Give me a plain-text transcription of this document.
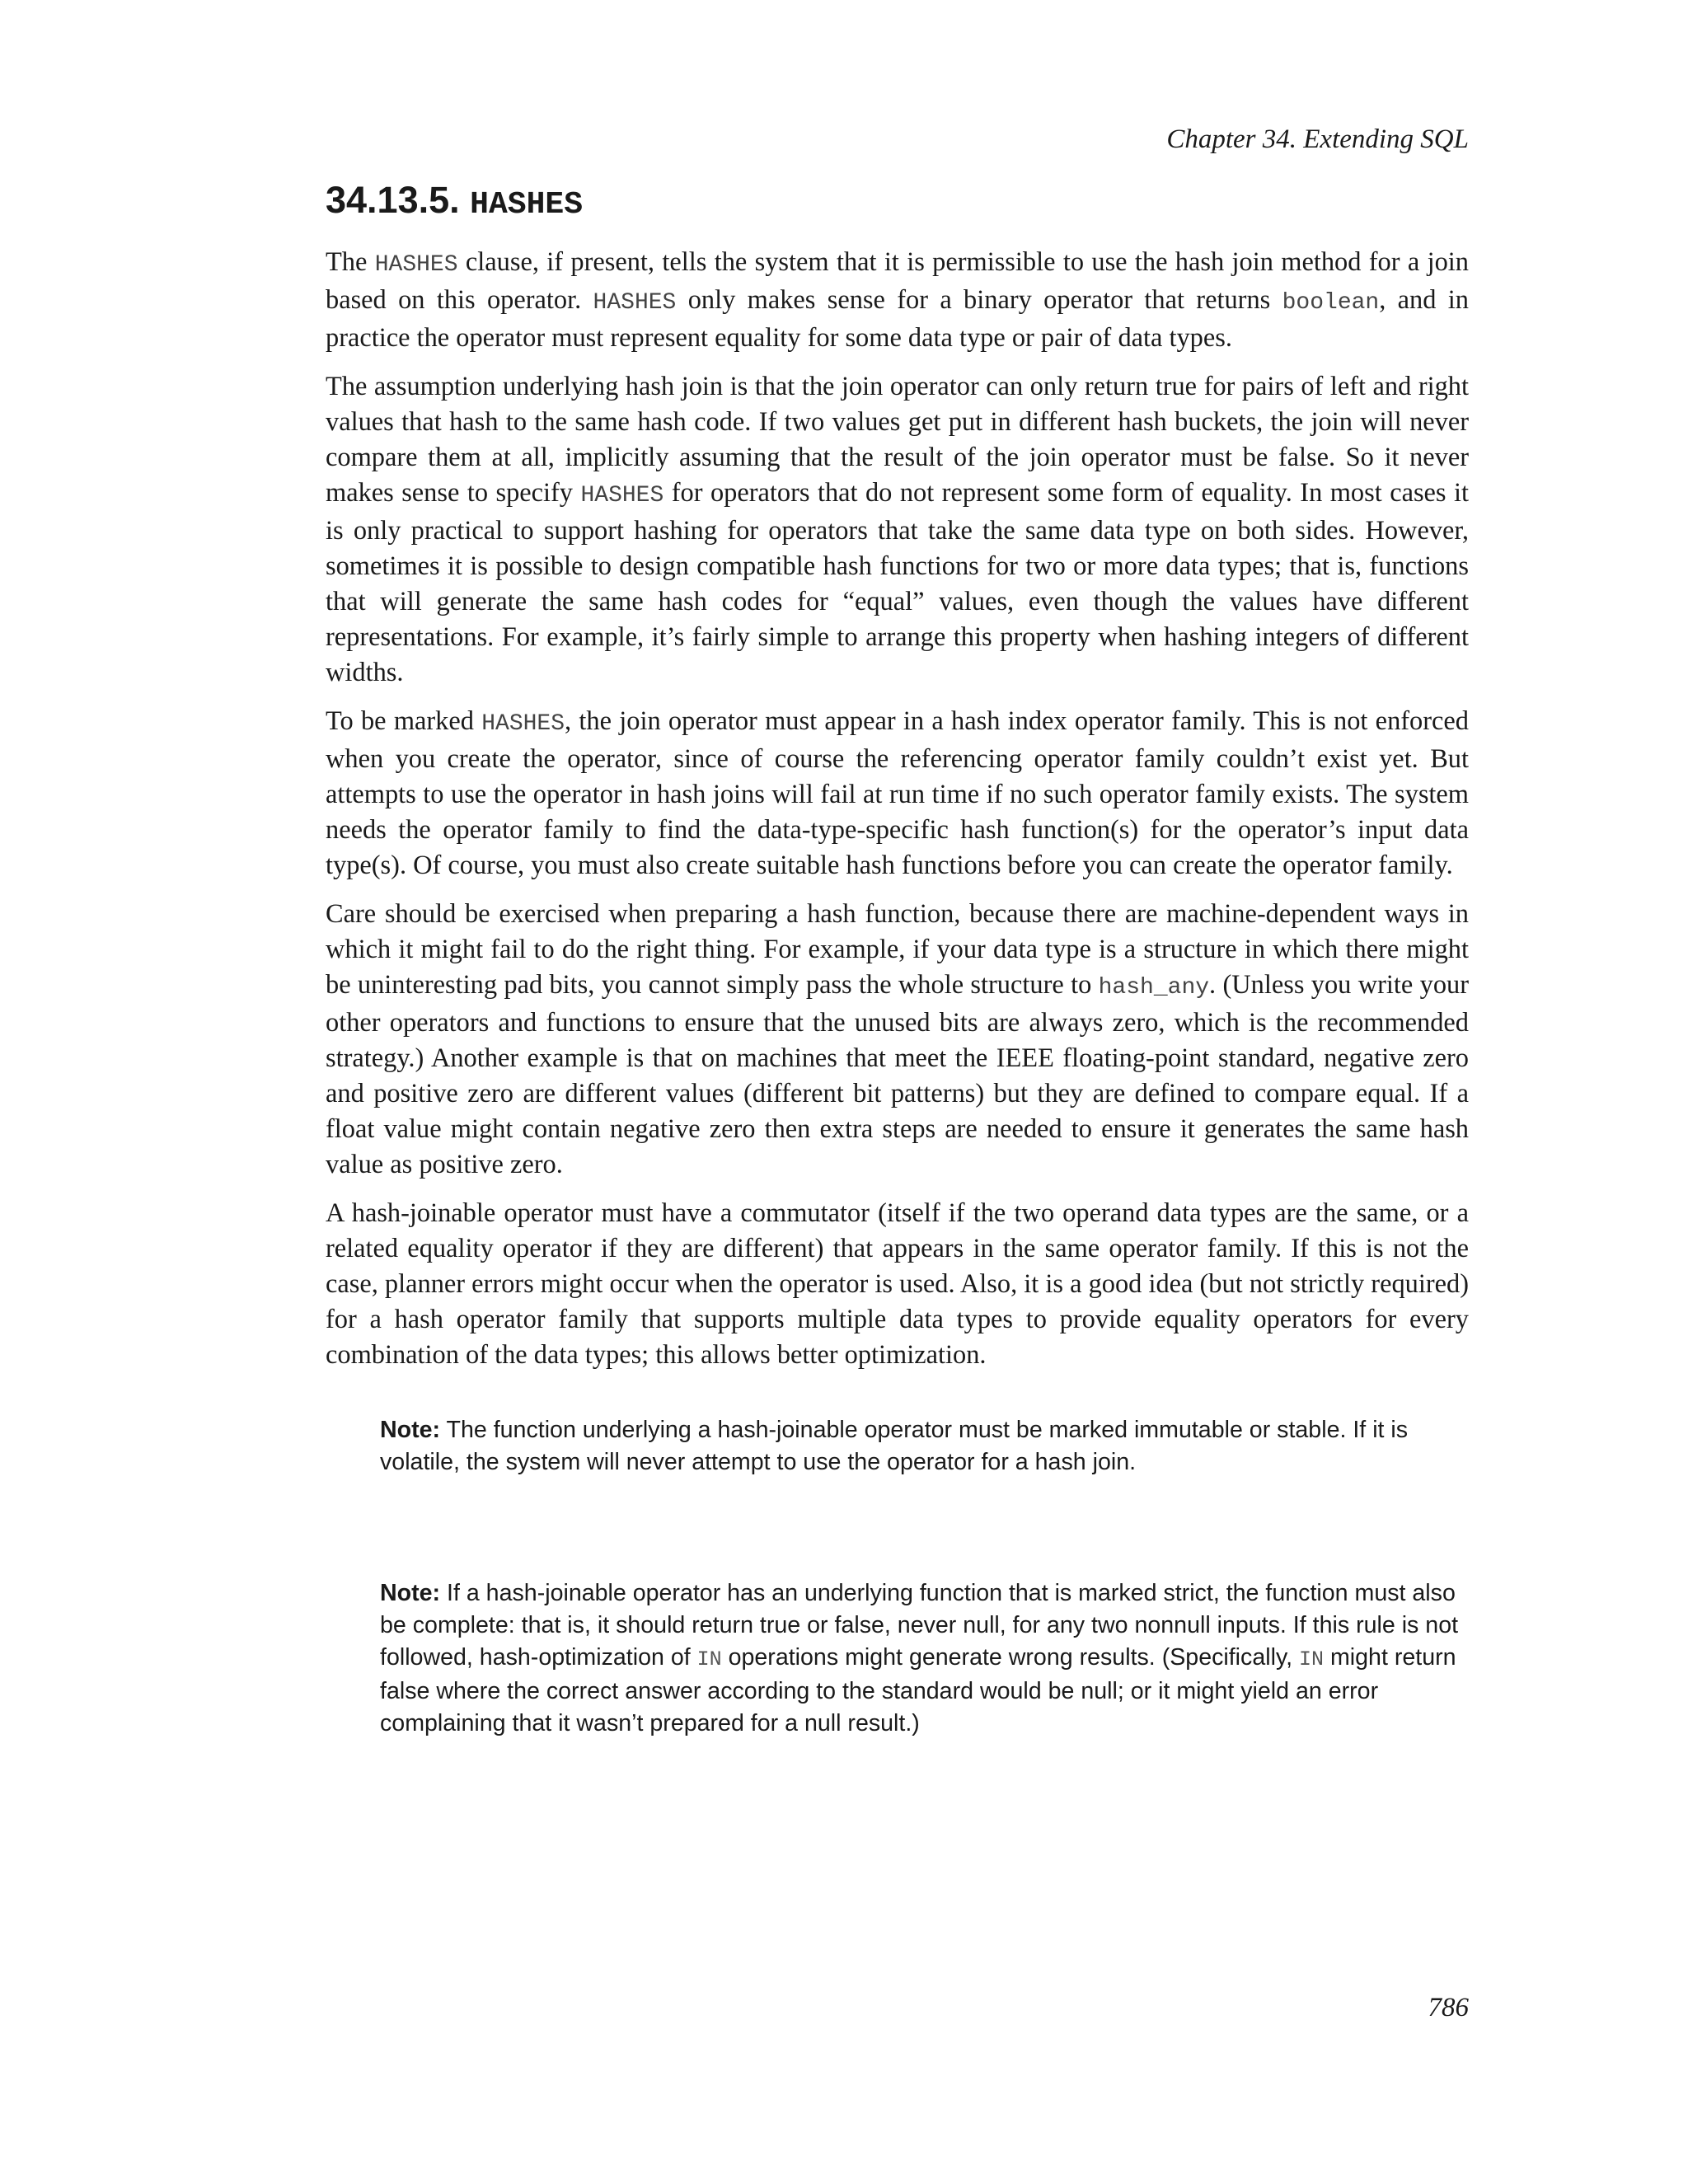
Chapter 34. Extending SQL

34.13.5. HASHES

The HASHES clause, if present, tells the system that it is permissible to use the hash join method for a join based on this operator. HASHES only makes sense for a binary operator that returns boolean, and in practice the operator must represent equality for some data type or pair of data types.

The assumption underlying hash join is that the join operator can only return true for pairs of left and right values that hash to the same hash code. If two values get put in different hash buckets, the join will never compare them at all, implicitly assuming that the result of the join operator must be false. So it never makes sense to specify HASHES for operators that do not represent some form of equality. In most cases it is only practical to support hashing for operators that take the same data type on both sides. However, sometimes it is possible to design compatible hash functions for two or more data types; that is, functions that will generate the same hash codes for “equal” values, even though the values have different representations. For example, it’s fairly simple to arrange this property when hashing integers of different widths.

To be marked HASHES, the join operator must appear in a hash index operator family. This is not enforced when you create the operator, since of course the referencing operator family couldn’t exist yet. But attempts to use the operator in hash joins will fail at run time if no such operator family exists. The system needs the operator family to find the data-type-specific hash function(s) for the operator’s input data type(s). Of course, you must also create suitable hash functions before you can create the operator family.

Care should be exercised when preparing a hash function, because there are machine-dependent ways in which it might fail to do the right thing. For example, if your data type is a structure in which there might be uninteresting pad bits, you cannot simply pass the whole structure to hash_any. (Unless you write your other operators and functions to ensure that the unused bits are always zero, which is the recommended strategy.) Another example is that on machines that meet the IEEE floating-point standard, negative zero and positive zero are different values (different bit patterns) but they are defined to compare equal. If a float value might contain negative zero then extra steps are needed to ensure it generates the same hash value as positive zero.

A hash-joinable operator must have a commutator (itself if the two operand data types are the same, or a related equality operator if they are different) that appears in the same operator family. If this is not the case, planner errors might occur when the operator is used. Also, it is a good idea (but not strictly required) for a hash operator family that supports multiple data types to provide equality operators for every combination of the data types; this allows better optimization.

Note: The function underlying a hash-joinable operator must be marked immutable or stable. If it is volatile, the system will never attempt to use the operator for a hash join.
Note: If a hash-joinable operator has an underlying function that is marked strict, the function must also be complete: that is, it should return true or false, never null, for any two nonnull inputs. If this rule is not followed, hash-optimization of IN operations might generate wrong results. (Specifically, IN might return false where the correct answer according to the standard would be null; or it might yield an error complaining that it wasn’t prepared for a null result.)

786
